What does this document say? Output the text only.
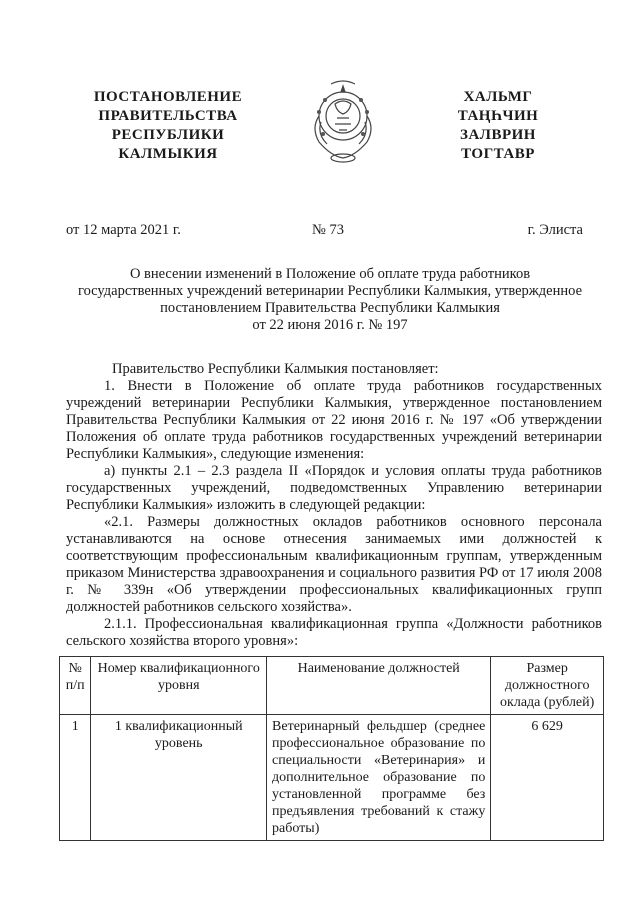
ПОСТАНОВЛЕНИЕ
ПРАВИТЕЛЬСТВА
РЕСПУБЛИКИ
КАЛМЫКИЯ
ХАЛЬМГ
ТАҢҺЧИН
ЗАЛВРИН
ТОГТАВР
от 12 марта 2021 г.	№ 73	г. Элиста
О внесении изменений в Положение об оплате труда работников
государственных учреждений ветеринарии Республики Калмыкия, утвержденное
постановлением Правительства Республики Калмыкия
от 22 июня 2016 г. № 197

Правительство Республики Калмыкия постановляет:

1. Внести в Положение об оплате труда работников государственных учреждений ветеринарии Республики Калмыкия, утвержденное постановлением Правительства Республики Калмыкия от 22 июня 2016 г. № 197 «Об утверждении Положения об оплате труда работников государственных учреждений ветеринарии Республики Калмыкия», следующие изменения:

а) пункты 2.1 – 2.3 раздела II «Порядок и условия оплаты труда работников государственных учреждений, подведомственных Управлению ветеринарии Республики Калмыкия» изложить в следующей редакции:

«2.1. Размеры должностных окладов работников основного персонала устанавливаются на основе отнесения занимаемых ими должностей к соответствующим профессиональным квалификационным группам, утвержденным приказом Министерства здравоохранения и социального развития РФ от 17 июля 2008 г. № 339н «Об утверждении профессиональных квалификационных групп должностей работников сельского хозяйства».

2.1.1. Профессиональная квалификационная группа «Должности работников сельского хозяйства второго уровня»:

№ п/п	Номер квалификационного уровня	Наименование должностей	Размер должностного оклада (рублей)
1	1 квалификационный уровень	Ветеринарный фельдшер (среднее профессиональное образование по специальности «Ветеринария» и дополнительное образование по установленной программе без предъявления требований к стажу работы)	6 629
